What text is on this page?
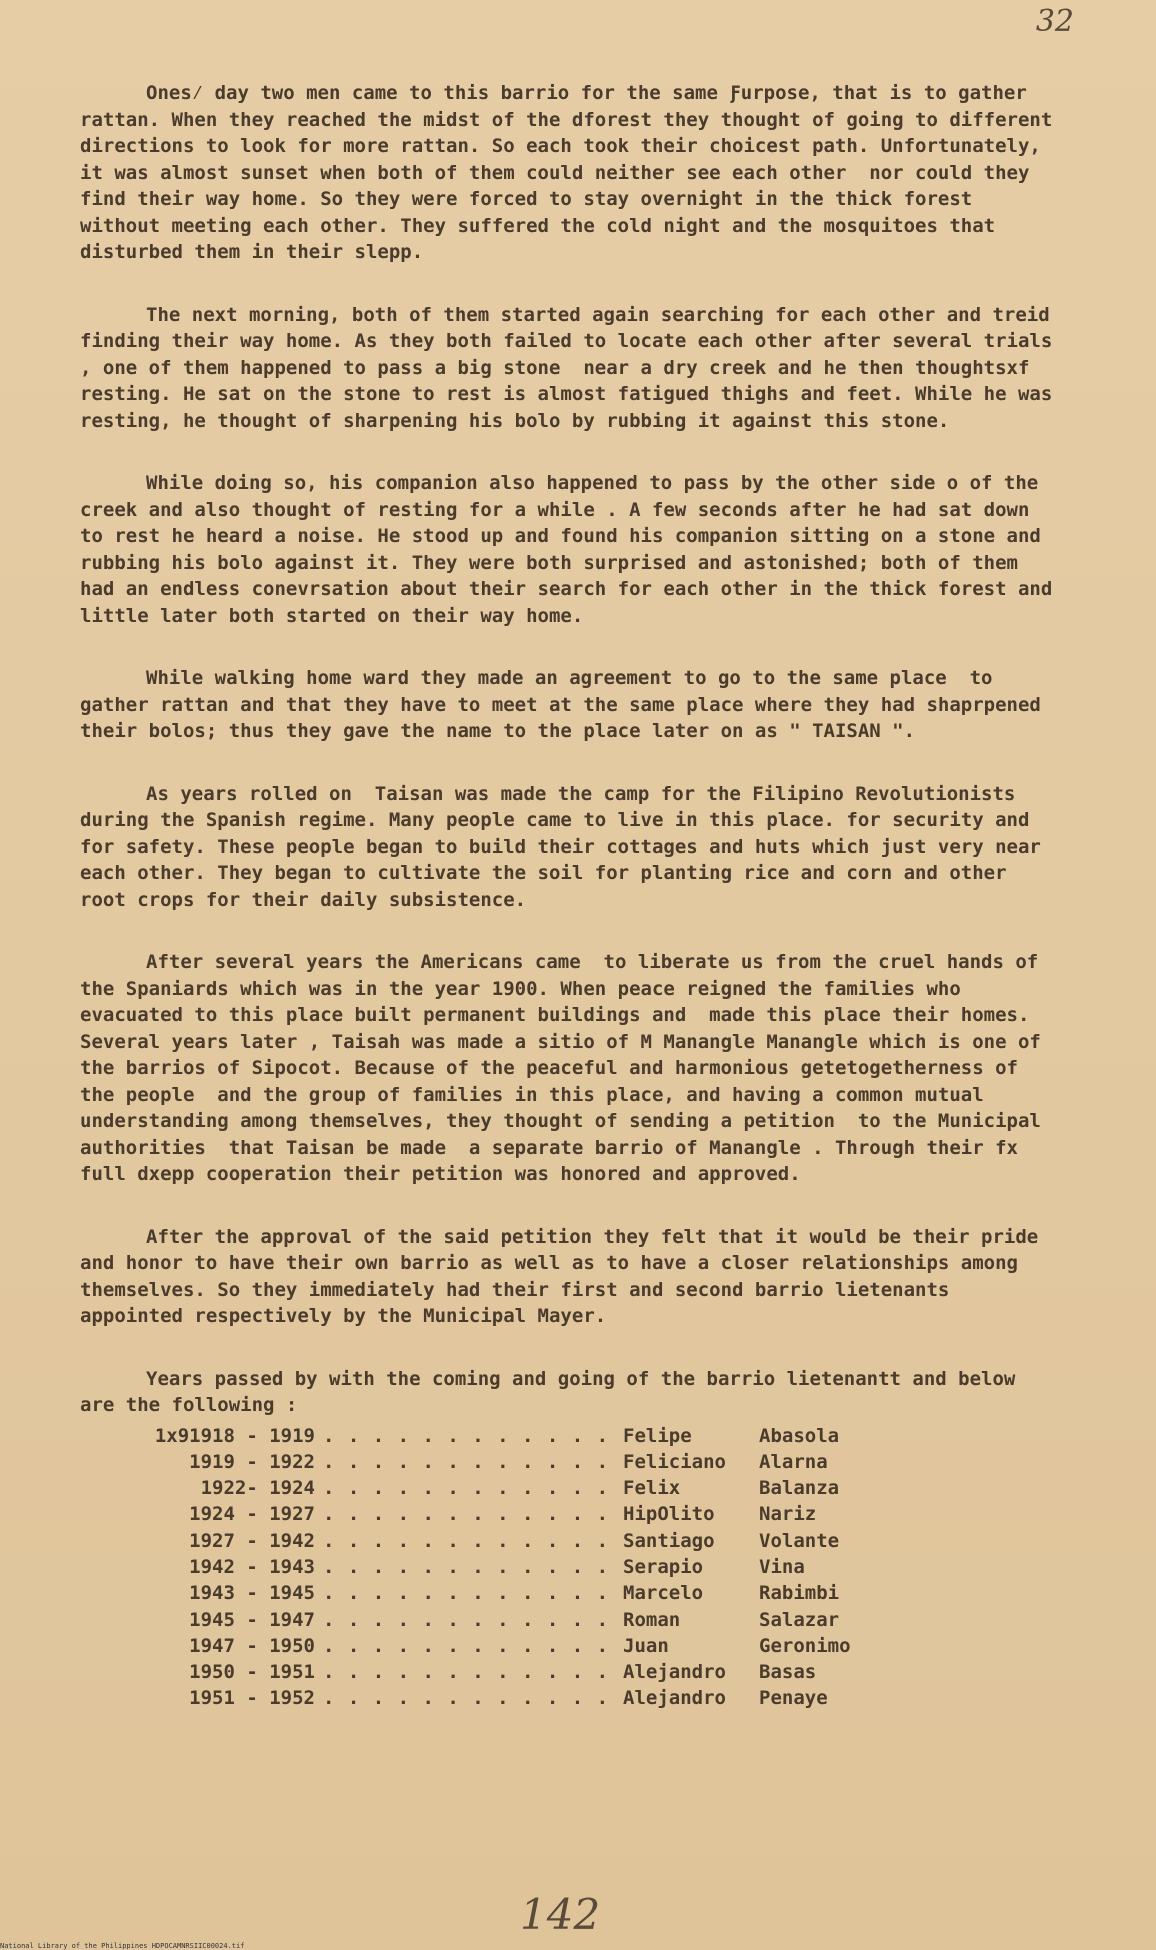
32

Ones⁄ day two men came to this barrio for the same Ƒurpose, that is to gather rattan. When they reached the midst of the dforest they thought of going to different directions to look for more rattan. So each took their choicest path. Unfortunately, it was almost sunset when both of them could neither see each other  nor could they find their way home. So they were forced to stay overnight in the thick forest without meeting each other. They suffered the cold night and the mosquitoes that disturbed them in their slepp.

The next morning, both of them started again searching for each other and treid finding their way home. As they both failed to locate each other after several trials , one of them happened to pass a big stone  near a dry creek and he then thoughtsxf resting. He sat on the stone to rest is almost fatigued thighs and feet. While he was resting, he thought of sharpening his bolo by rubbing it against this stone.

While doing so, his companion also happened to pass by the other side o of the creek and also thought of resting for a while . A few seconds after he had sat down to rest he heard a noise. He stood up and found his companion sitting on a stone and rubbing his bolo against it. They were both surprised and astonished; both of them had an endless conevrsation about their search for each other in the thick forest and little later both started on their way home.

While walking home ward they made an agreement to go to the same place  to gather rattan and that they have to meet at the same place where they had shaprpened their bolos; thus they gave the name to the place later on as " TAISAN ".

As years rolled on  Taisan was made the camp for the Filipino Revolutionists during the Spanish regime. Many people came to live in this place. for security and for safety. These people began to build their cottages and huts which just very near each other. They began to cultivate the soil for planting rice and corn and other root crops for their daily subsistence.

After several years the Americans came  to liberate us from the cruel hands of the Spaniards which was in the year 1900. When peace reigned the families who evacuated to this place built permanent buildings and  made this place their homes. Several years later , Taisah was made a sitio of M Manangle Manangle which is one of the barrios of Sipocot. Because of the peaceful and harmonious getetogetherness of the people  and the group of families in this place, and having a common mutual understanding among themselves, they thought of sending a petition  to the Municipal authorities  that Taisan be made  a separate barrio of Manangle . Through their fx full dxepp cooperation their petition was honored and approved.

After the approval of the said petition they felt that it would be their pride and honor to have their own barrio as well as to have a closer relationships among themselves. So they immediately had their first and second barrio lietenants appointed respectively by the Municipal Mayer.

Years passed by with the coming and going of the barrio lietenantt and below are the following :

1x91918 - 1919 . . . . . . . . . . . . Felipe	Abasola
1919 - 1922 . . . . . . . . . . . . Feliciano	Alarna
1922- 1924 . . . . . . . . . . . . Felix	Balanza
1924 - 1927 . . . . . . . . . . . . HipOlito	Nariz
1927 - 1942 . . . . . . . . . . . . Santiago	Volante
1942 - 1943 . . . . . . . . . . . . Serapio	Vina
1943 - 1945 . . . . . . . . . . . . Marcelo	Rabimbi
1945 - 1947 . . . . . . . . . . . . Roman	Salazar
1947 - 1950 . . . . . . . . . . . . Juan	Geronimo
1950 - 1951 . . . . . . . . . . . . Alejandro	Basas
1951 - 1952 . . . . . . . . . . . . Alejandro	Penaye
142
National Library of the Philippines HDPOCAMNRSIIC00024.tif
